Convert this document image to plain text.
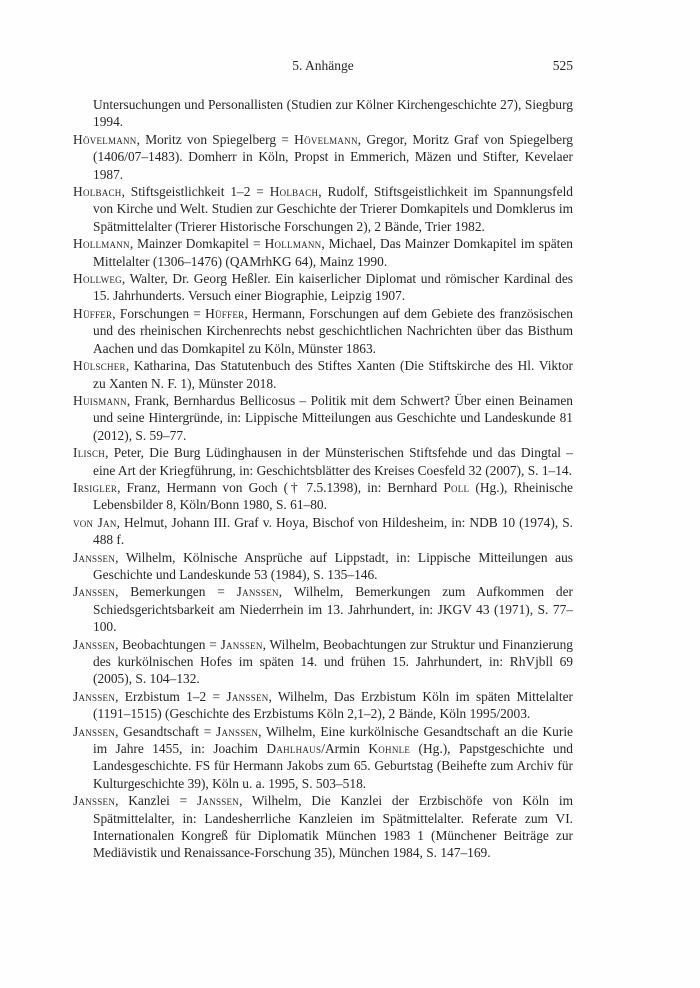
5. Anhänge	525

Untersuchungen und Personallisten (Studien zur Kölner Kirchengeschichte 27), Siegburg 1994.

Hövelmann, Moritz von Spiegelberg = Hövelmann, Gregor, Moritz Graf von Spiegelberg (1406/07–1483). Domherr in Köln, Propst in Emmerich, Mäzen und Stifter, Kevelaer 1987.

Holbach, Stiftsgeistlichkeit 1–2 = Holbach, Rudolf, Stiftsgeistlichkeit im Spannungsfeld von Kirche und Welt. Studien zur Geschichte der Trierer Domkapitels und Domklerus im Spätmittelalter (Trierer Historische Forschungen 2), 2 Bände, Trier 1982.

Hollmann, Mainzer Domkapitel = Hollmann, Michael, Das Mainzer Domkapitel im späten Mittelalter (1306–1476) (QAMrhKG 64), Mainz 1990.

Hollweg, Walter, Dr. Georg Heßler. Ein kaiserlicher Diplomat und römischer Kardinal des 15. Jahrhunderts. Versuch einer Biographie, Leipzig 1907.

Hüffer, Forschungen = Hüffer, Hermann, Forschungen auf dem Gebiete des französischen und des rheinischen Kirchenrechts nebst geschichtlichen Nachrichten über das Bisthum Aachen und das Domkapitel zu Köln, Münster 1863.

Hülscher, Katharina, Das Statutenbuch des Stiftes Xanten (Die Stiftskirche des Hl. Viktor zu Xanten N. F. 1), Münster 2018.

Huismann, Frank, Bernhardus Bellicosus – Politik mit dem Schwert? Über einen Beinamen und seine Hintergründe, in: Lippische Mitteilungen aus Geschichte und Landeskunde 81 (2012), S. 59–77.

Ilisch, Peter, Die Burg Lüdinghausen in der Münsterischen Stiftsfehde und das Dingtal – eine Art der Kriegführung, in: Geschichtsblätter des Kreises Coesfeld 32 (2007), S. 1–14.

Irsigler, Franz, Hermann von Goch († 7.5.1398), in: Bernhard Poll (Hg.), Rheinische Lebensbilder 8, Köln/Bonn 1980, S. 61–80.

von Jan, Helmut, Johann III. Graf v. Hoya, Bischof von Hildesheim, in: NDB 10 (1974), S. 488 f.

Janssen, Wilhelm, Kölnische Ansprüche auf Lippstadt, in: Lippische Mitteilungen aus Geschichte und Landeskunde 53 (1984), S. 135–146.

Janssen, Bemerkungen = Janssen, Wilhelm, Bemerkungen zum Aufkommen der Schiedsgerichtsbarkeit am Niederrhein im 13. Jahrhundert, in: JKGV 43 (1971), S. 77–100.

Janssen, Beobachtungen = Janssen, Wilhelm, Beobachtungen zur Struktur und Finanzierung des kurkölnischen Hofes im späten 14. und frühen 15. Jahrhundert, in: RhVjbll 69 (2005), S. 104–132.

Janssen, Erzbistum 1–2 = Janssen, Wilhelm, Das Erzbistum Köln im späten Mittelalter (1191–1515) (Geschichte des Erzbistums Köln 2,1–2), 2 Bände, Köln 1995/2003.

Janssen, Gesandtschaft = Janssen, Wilhelm, Eine kurkölnische Gesandtschaft an die Kurie im Jahre 1455, in: Joachim Dahlhaus/Armin Kohnle (Hg.), Papstgeschichte und Landesgeschichte. FS für Hermann Jakobs zum 65. Geburtstag (Beihefte zum Archiv für Kulturgeschichte 39), Köln u. a. 1995, S. 503–518.

Janssen, Kanzlei = Janssen, Wilhelm, Die Kanzlei der Erzbischöfe von Köln im Spätmittelalter, in: Landesherrliche Kanzleien im Spätmittelalter. Referate zum VI. Internationalen Kongreß für Diplomatik München 1983 1 (Münchener Beiträge zur Mediävistik und Renaissance-Forschung 35), München 1984, S. 147–169.
